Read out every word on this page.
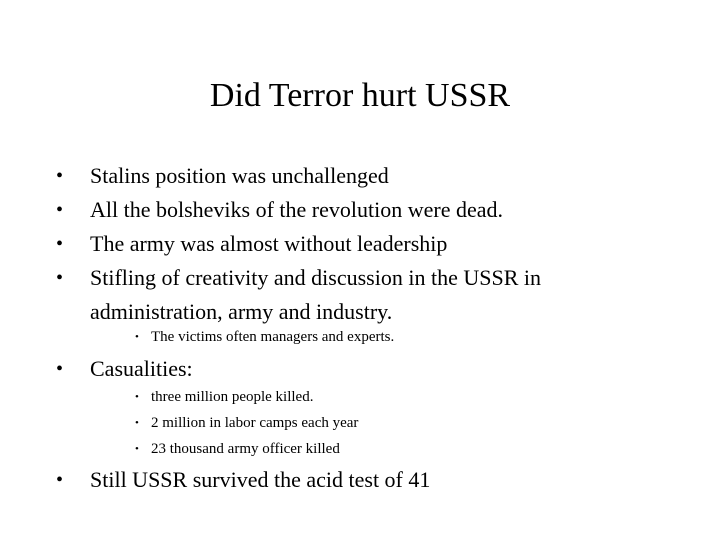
Did Terror hurt USSR
•	Stalins position was unchallenged
•	All the bolsheviks of the revolution were dead.
•	The army was almost without leadership
•	Stifling of creativity and discussion in the USSR in
administration, army and industry.
• The victims often managers and experts.
•	Casualities:
• three million people killed.
• 2 million in labor camps each year
• 23 thousand army officer killed
•	Still USSR survived the acid test of 41
